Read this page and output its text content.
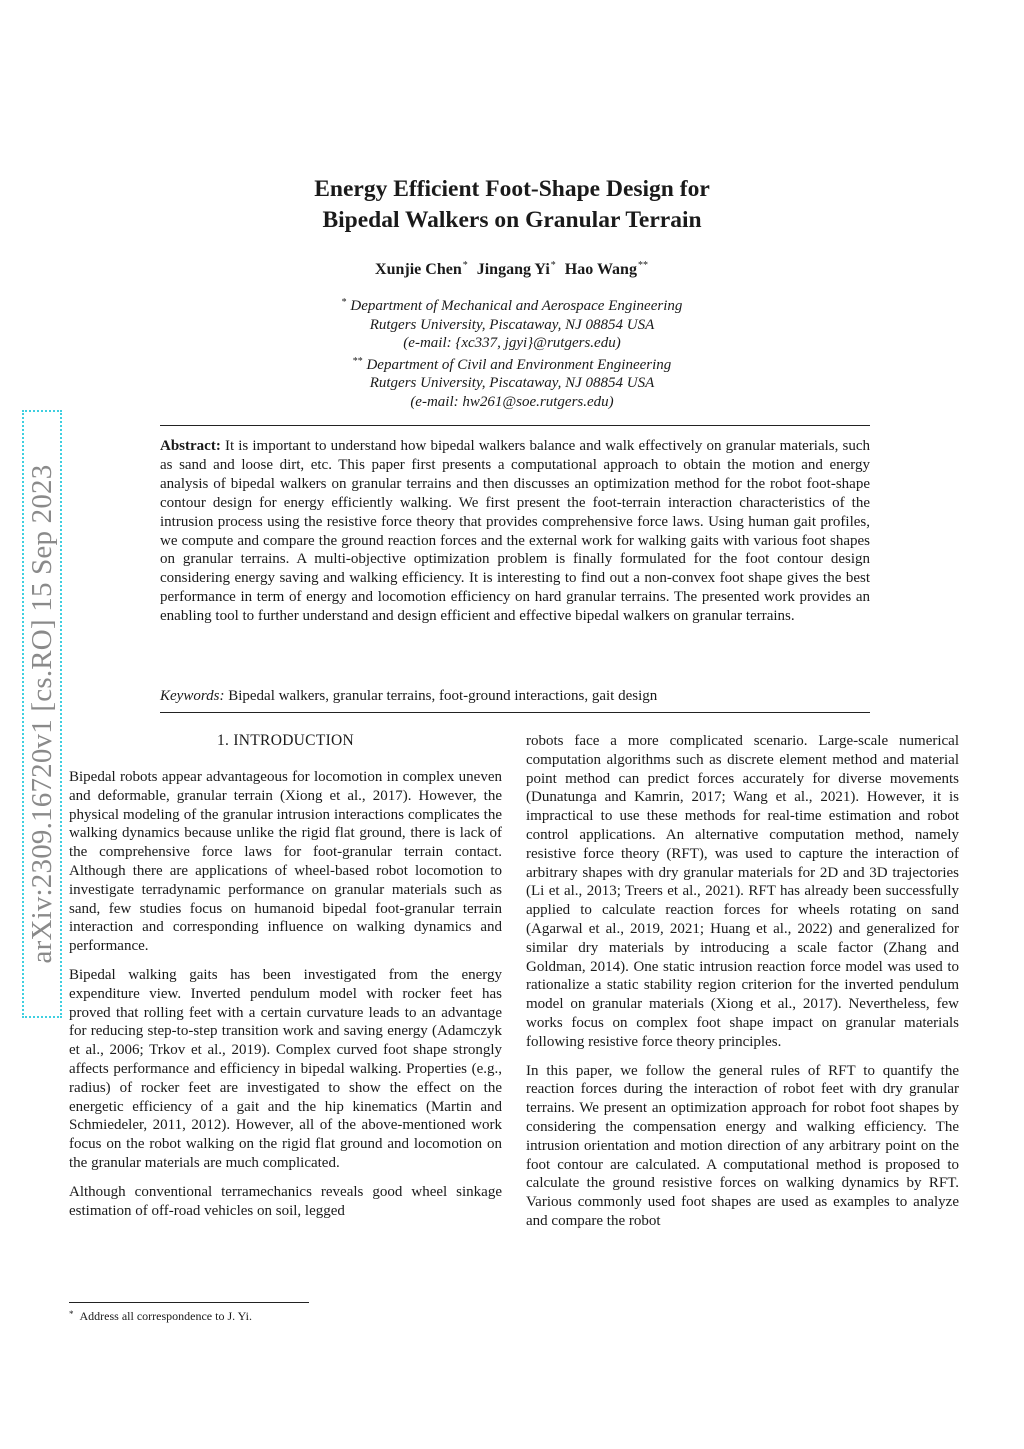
arXiv:2309.16720v1 [cs.RO] 15 Sep 2023
Energy Efficient Foot-Shape Design for
Bipedal Walkers on Granular Terrain
Xunjie Chen* Jingang Yi* Hao Wang**
* Department of Mechanical and Aerospace Engineering
Rutgers University, Piscataway, NJ 08854 USA
(e-mail: {xc337, jgyi}@rutgers.edu)
** Department of Civil and Environment Engineering
Rutgers University, Piscataway, NJ 08854 USA
(e-mail: hw261@soe.rutgers.edu)
Abstract: It is important to understand how bipedal walkers balance and walk effectively on granular materials, such as sand and loose dirt, etc. This paper first presents a computational approach to obtain the motion and energy analysis of bipedal walkers on granular terrains and then discusses an optimization method for the robot foot-shape contour design for energy efficiently walking. We first present the foot-terrain interaction characteristics of the intrusion process using the resistive force theory that provides comprehensive force laws. Using human gait profiles, we compute and compare the ground reaction forces and the external work for walking gaits with various foot shapes on granular terrains. A multi-objective optimization problem is finally formulated for the foot contour design considering energy saving and walking efficiency. It is interesting to find out a non-convex foot shape gives the best performance in term of energy and locomotion efficiency on hard granular terrains. The presented work provides an enabling tool to further understand and design efficient and effective bipedal walkers on granular terrains.
Keywords: Bipedal walkers, granular terrains, foot-ground interactions, gait design
1. INTRODUCTION

Bipedal robots appear advantageous for locomotion in complex uneven and deformable, granular terrain (Xiong et al., 2017). However, the physical modeling of the granular intrusion interactions complicates the walking dynamics because unlike the rigid flat ground, there is lack of the comprehensive force laws for foot-granular terrain contact. Although there are applications of wheel-based robot locomotion to investigate terradynamic performance on granular materials such as sand, few studies focus on humanoid bipedal foot-granular terrain interaction and corresponding influence on walking dynamics and performance.

Bipedal walking gaits has been investigated from the energy expenditure view. Inverted pendulum model with rocker feet has proved that rolling feet with a certain curvature leads to an advantage for reducing step-to-step transition work and saving energy (Adamczyk et al., 2006; Trkov et al., 2019). Complex curved foot shape strongly affects performance and efficiency in bipedal walking. Properties (e.g., radius) of rocker feet are investigated to show the effect on the energetic efficiency of a gait and the hip kinematics (Martin and Schmiedeler, 2011, 2012). However, all of the above-mentioned work focus on the robot walking on the rigid flat ground and locomotion on the granular materials are much complicated.

Although conventional terramechanics reveals good wheel sinkage estimation of off-road vehicles on soil, legged

robots face a more complicated scenario. Large-scale numerical computation algorithms such as discrete element method and material point method can predict forces accurately for diverse movements (Dunatunga and Kamrin, 2017; Wang et al., 2021). However, it is impractical to use these methods for real-time estimation and robot control applications. An alternative computation method, namely resistive force theory (RFT), was used to capture the interaction of arbitrary shapes with dry granular materials for 2D and 3D trajectories (Li et al., 2013; Treers et al., 2021). RFT has already been successfully applied to calculate reaction forces for wheels rotating on sand (Agarwal et al., 2019, 2021; Huang et al., 2022) and generalized for similar dry materials by introducing a scale factor (Zhang and Goldman, 2014). One static intrusion reaction force model was used to rationalize a static stability region criterion for the inverted pendulum model on granular materials (Xiong et al., 2017). Nevertheless, few works focus on complex foot shape impact on granular materials following resistive force theory principles.

In this paper, we follow the general rules of RFT to quantify the reaction forces during the interaction of robot feet with dry granular terrains. We present an optimization approach for robot foot shapes by considering the compensation energy and walking efficiency. The intrusion orientation and motion direction of any arbitrary point on the foot contour are calculated. A computational method is proposed to calculate the ground resistive forces on walking dynamics by RFT. Various commonly used foot shapes are used as examples to analyze and compare the robot

* Address all correspondence to J. Yi.
